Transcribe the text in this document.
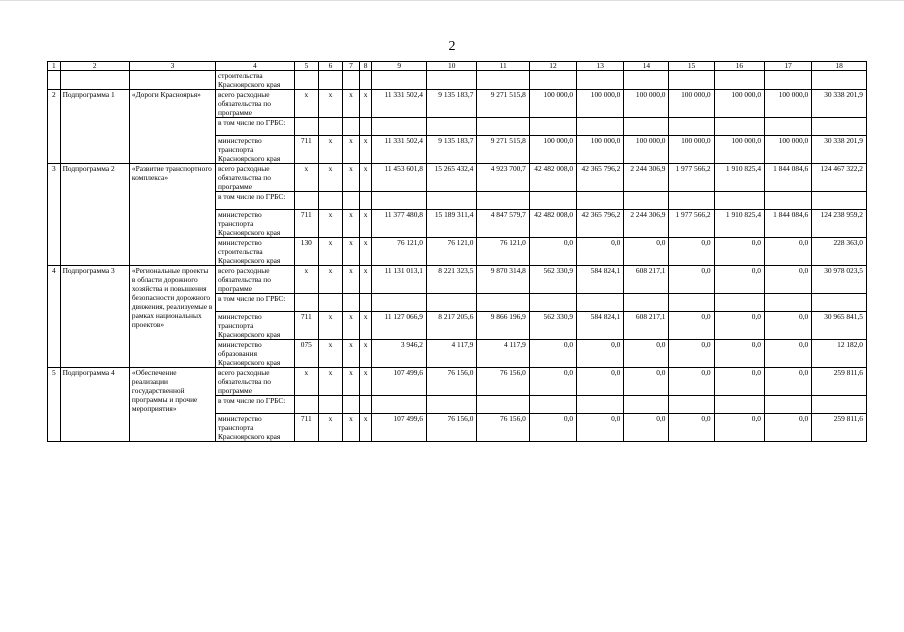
2
1	2	3	4	5	6	7	8	9	10	11	12	13	14	15	16	17	18
			строительства Красноярского края														
2	Подпрограмма 1	«Дороги Красноярья»	всего расходные обязательства по программе	х	х	х	х	11 331 502,4	9 135 183,7	9 271 515,8	100 000,0	100 000,0	100 000,0	100 000,0	100 000,0	100 000,0	30 338 201,9
			в том числе по ГРБС:														
			министерство транспорта Красноярского края	711	х	х	х	11 331 502,4	9 135 183,7	9 271 515,8	100 000,0	100 000,0	100 000,0	100 000,0	100 000,0	100 000,0	30 338 201,9
3	Подпрограмма 2	«Развитие транспортного комплекса»	всего расходные обязательства по программе	х	х	х	х	11 453 601,8	15 265 432,4	4 923 700,7	42 482 008,0	42 365 796,2	2 244 306,9	1 977 566,2	1 910 825,4	1 844 084,6	124 467 322,2
			в том числе по ГРБС:														
			министерство транспорта Красноярского края	711	х	х	х	11 377 480,8	15 189 311,4	4 847 579,7	42 482 008,0	42 365 796,2	2 244 306,9	1 977 566,2	1 910 825,4	1 844 084,6	124 238 959,2
			министерство строительства Красноярского края	130	х	х	х	76 121,0	76 121,0	76 121,0	0,0	0,0	0,0	0,0	0,0	0,0	228 363,0
4	Подпрограмма 3	«Региональные проекты в области дорожного хозяйства и повышения безопасности дорожного движения, реализуемые в рамках национальных проектов»	всего расходные обязательства по программе	х	х	х	х	11 131 013,1	8 221 323,5	9 870 314,8	562 330,9	584 824,1	608 217,1	0,0	0,0	0,0	30 978 023,5
			в том числе по ГРБС:														
			министерство транспорта Красноярского края	711	х	х	х	11 127 066,9	8 217 205,6	9 866 196,9	562 330,9	584 824,1	608 217,1	0,0	0,0	0,0	30 965 841,5
			министерство образования Красноярского края	075	х	х	х	3 946,2	4 117,9	4 117,9	0,0	0,0	0,0	0,0	0,0	0,0	12 182,0
5	Подпрограмма 4	«Обеспечение реализации государственной программы и прочие мероприятия»	всего расходные обязательства по программе	х	х	х	х	107 499,6	76 156,0	76 156,0	0,0	0,0	0,0	0,0	0,0	0,0	259 811,6
			в том числе по ГРБС:														
			министерство транспорта Красноярского края	711	х	х	х	107 499,6	76 156,0	76 156,0	0,0	0,0	0,0	0,0	0,0	0,0	259 811,6
